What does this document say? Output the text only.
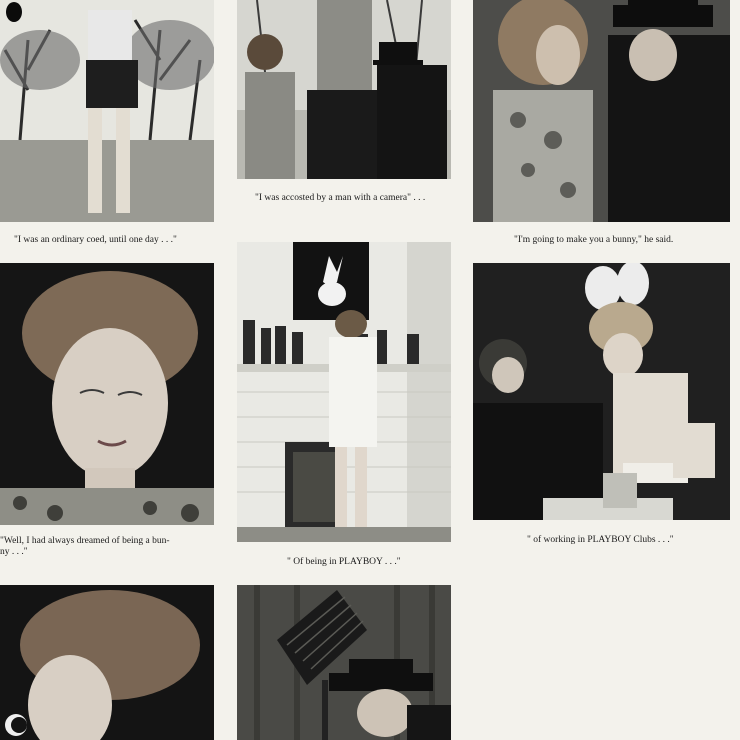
"I was accosted by a man with a camera" . . .
"I was an ordinary coed, until one day . . ."	"I'm going to make you a bunny," he said.
"Well, I had always dreamed of being a bun-
ny . . ."
" of working in PLAYBOY Clubs . . ."
" Of being in PLAYBOY . . ."
